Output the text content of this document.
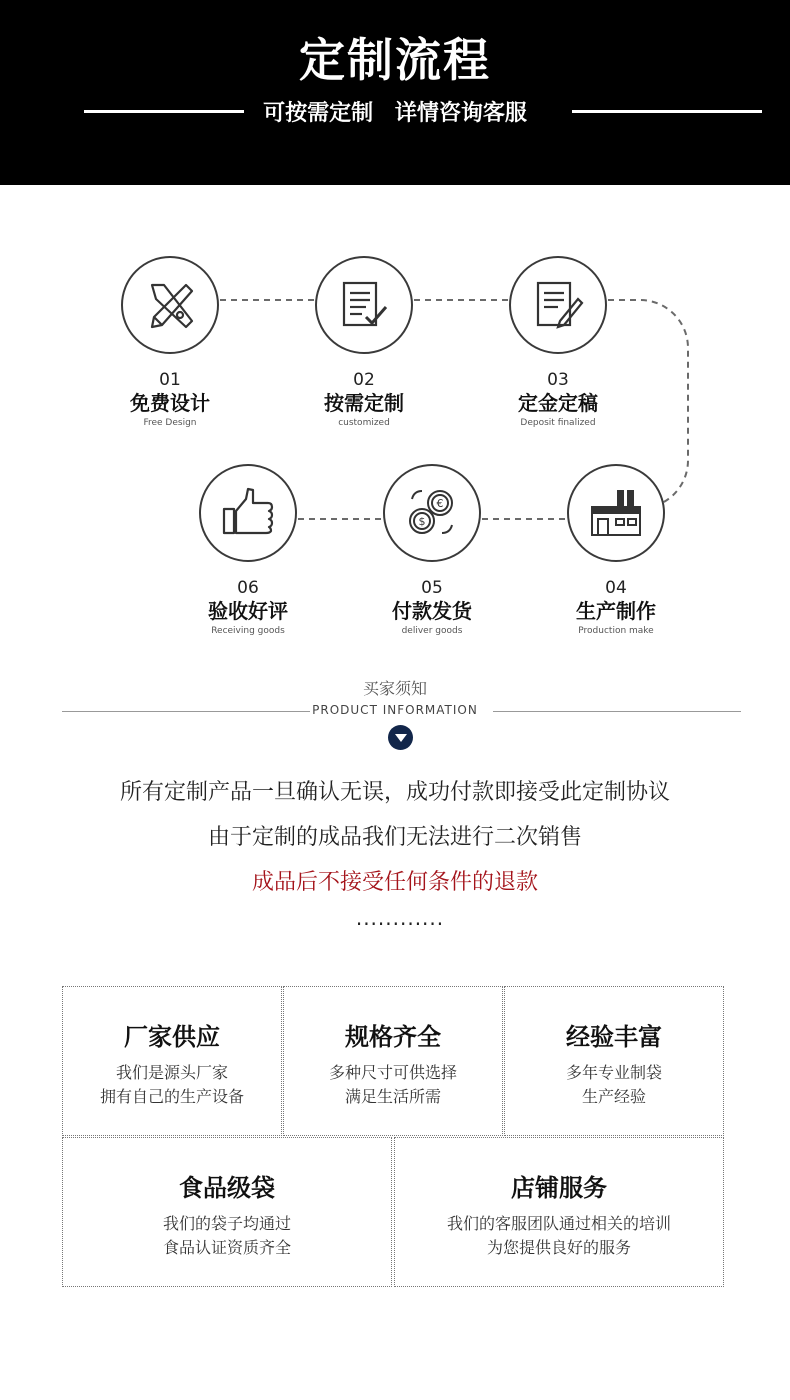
定制流程
可按需定制 详情咨询客服
01
免费设计
Free Design
02
按需定制
customized
03
定金定稿
Deposit finalized
06
验收好评
Receiving goods
€
$
05
付款发货
deliver goods
04
生产制作
Production make
买家须知
PRODUCT INFORMATION
所有定制产品一旦确认无误，成功付款即接受此定制协议
由于定制的成品我们无法进行二次销售
成品后不接受任何条件的退款
............
厂家供应
我们是源头厂家
拥有自己的生产设备
规格齐全
多种尺寸可供选择
满足生活所需
经验丰富
多年专业制袋
生产经验
食品级袋
我们的袋子均通过
食品认证资质齐全
店铺服务
我们的客服团队通过相关的培训
为您提供良好的服务
